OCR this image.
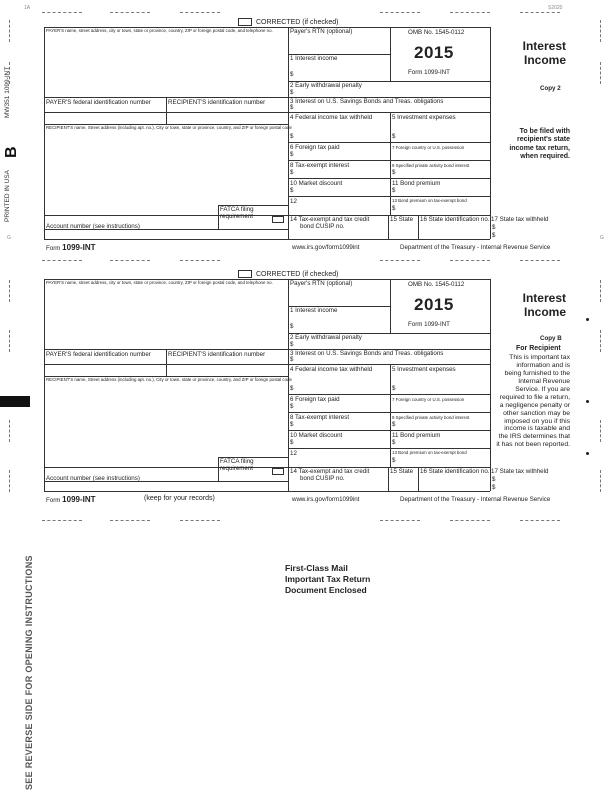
1A	S2020
MW351 1099-INT
B
PRINTED IN USA
G	G
SEE REVERSE SIDE FOR OPENING INSTRUCTIONS
CORRECTED (if checked)
PAYER'S name, street address, city or town, state or province, country, ZIP or foreign postal code, and telephone no.	Payer's RTN (optional)	OMB No. 1545-0112
2015
Form 1099-INT
Interest
Income
1 Interest income
$
2 Early withdrawal penalty
$
Copy 2
PAYER'S federal identification number	RECIPIENT'S identification number	3 Interest on U.S. Savings Bonds and Treas. obligations
$
RECIPIENT'S name, Street address (including apt. no.), City or town, state or province, country, and ZIP or foreign postal code
4 Federal income tax withheld
$
5 Investment expenses
$
To be filed with
recipient's state
income tax return,
when required.
6 Foreign tax paid
$
7 Foreign country or U.S. possession
8 Tax-exempt interest
$
9 Specified private activity bond interest
$
10 Market discount
$
11 Bond premium
$
12	13 Bond premium on tax-exempt bond
$
FATCA filing
requirement
Account number (see instructions)
14 Tax-exempt and tax credit
bond CUSIP no.
15 State 16 State identification no. 17 State tax withheld
$
$
Form 1099-INT	www.irs.gov/form1099int	Department of the Treasury - Internal Revenue Service
CORRECTED (if checked)
PAYER'S name, street address, city or town, state or province, country, ZIP or foreign postal code, and telephone no.	Payer's RTN (optional)	OMB No. 1545-0112
2015
Form 1099-INT
Interest
Income
1 Interest income
$
2 Early withdrawal penalty
$
Copy B
For Recipient
PAYER'S federal identification number	RECIPIENT'S identification number	3 Interest on U.S. Savings Bonds and Treas. obligations
$
RECIPIENT'S name, Street address (including apt. no.), City or town, state or province, country, and ZIP or foreign postal code
4 Federal income tax withheld
$
5 Investment expenses
$
This is important tax
information and is
being furnished to the
Internal Revenue
Service. If you are
required to file a return,
a negligence penalty or
other sanction may be
imposed on you if this
income is taxable and
the IRS determines that
it has not been reported.
6 Foreign tax paid
$
7 Foreign country or U.S. possession
8 Tax-exempt interest
$
9 Specified private activity bond interest
$
10 Market discount
$
11 Bond premium
$
12	13 Bond premium on tax-exempt bond
$
FATCA filing
requirement
Account number (see instructions)
14 Tax-exempt and tax credit
bond CUSIP no.
15 State 16 State identification no. 17 State tax withheld
$
$
Form 1099-INT	(keep for your records)	www.irs.gov/form1099int	Department of the Treasury - Internal Revenue Service
First-Class Mail
Important Tax Return
Document Enclosed
